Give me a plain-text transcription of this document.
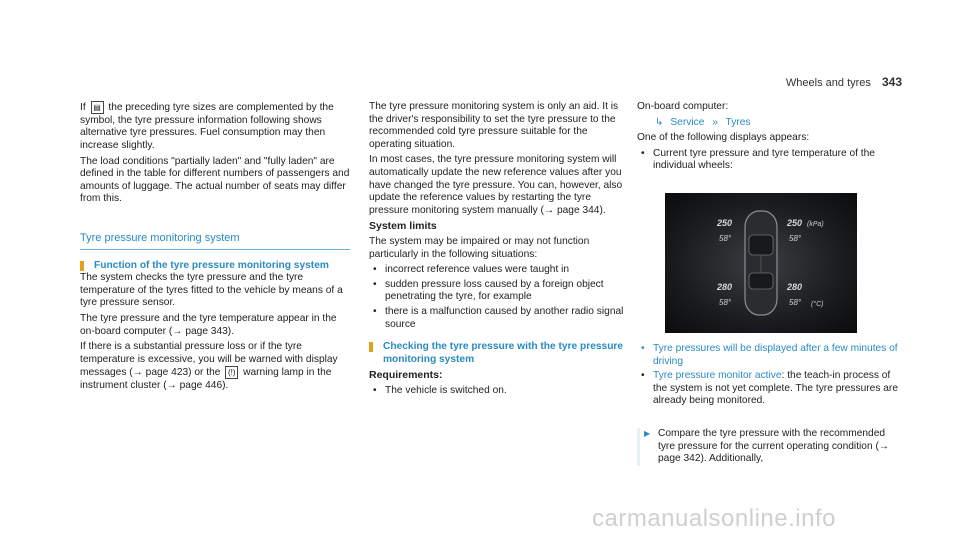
Wheels and tyres 343

If ▤ the preceding tyre sizes are complemented by the symbol, the tyre pressure information following shows alternative tyre pressures. Fuel consumption may then increase slightly.

The load conditions "partially laden" and "fully laden" are defined in the table for different numbers of passengers and amounts of luggage. The actual number of seats may differ from this.

Tyre pressure monitoring system
Function of the tyre pressure monitoring system

The system checks the tyre pressure and the tyre temperature of the tyres fitted to the vehicle by means of a tyre pressure sensor.

The tyre pressure and the tyre temperature appear in the on-board computer (→ page 343).

If there is a substantial pressure loss or if the tyre temperature is excessive, you will be warned with display messages (→ page 423) or the (!) warning lamp in the instrument cluster (→ page 446).

The tyre pressure monitoring system is only an aid. It is the driver's responsibility to set the tyre pressure to the recommended cold tyre pressure suitable for the operating situation.

In most cases, the tyre pressure monitoring system will automatically update the new reference values after you have changed the tyre pressure. You can, however, also update the reference values by restarting the tyre pressure monitoring system manually (→ page 344).

System limits

The system may be impaired or may not function particularly in the following situations:

• incorrect reference values were taught in
• sudden pressure loss caused by a foreign object penetrating the tyre, for example
• there is a malfunction caused by another radio signal source
Checking the tyre pressure with the tyre pressure monitoring system

Requirements:

• The vehicle is switched on.

On-board computer:

↳ Service » Tyres

One of the following displays appears:

• Current tyre pressure and tyre temperature of the individual wheels:
250	250 (kPa)
58°	58°
280	280
58°	58° (°C)
• Tyre pressures will be displayed after a few minutes of driving
• Tyre pressure monitor active: the teach-in process of the system is not yet complete. The tyre pressures are already being monitored.
▶ Compare the tyre pressure with the recommended tyre pressure for the current operating condition (→ page 342). Additionally,
carmanualsonline.info
